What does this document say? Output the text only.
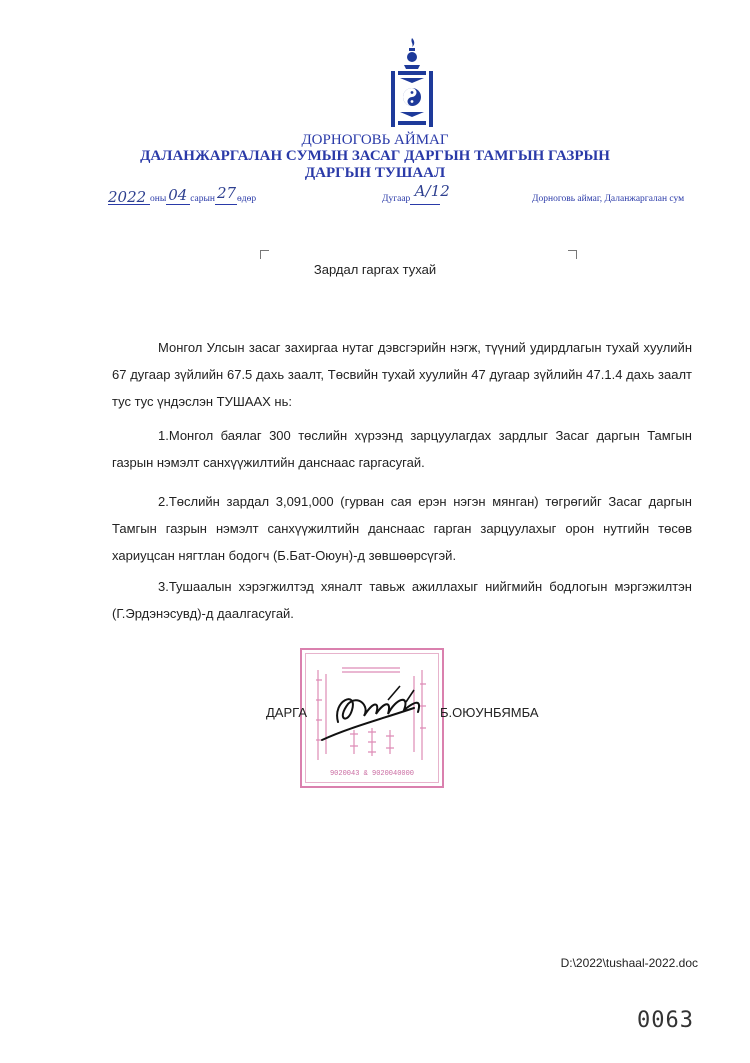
ДОРНОГОВЬ АЙМАГ
ДАЛАНЖАРГАЛАН СУМЫН ЗАСАГ ДАРГЫН ТАМГЫН ГАЗРЫН
ДАРГЫН ТУШААЛ
2022 оны 04 сарын 27 өдөр	Дугаар А/12
	Дорноговь аймаг, Даланжаргалан сум
Зардал гаргах тухай
Монгол Улсын засаг захиргаа нутаг дэвсгэрийн нэгж, түүний удирдлагын тухай хуулийн 67 дугаар зүйлийн 67.5 дахь заалт, Төсвийн тухай хуулийн 47 дугаар зүйлийн 47.1.4 дахь заалт тус тус үндэслэн ТУШААХ нь:
1.Монгол баялаг 300 төслийн хүрээнд зарцуулагдах зардлыг Засаг даргын Тамгын газрын нэмэлт санхүүжилтийн данснаас гаргасугай.
2.Төслийн зардал 3,091,000 (гурван сая ерэн нэгэн мянган) төгрөгийг Засаг даргын Тамгын газрын нэмэлт санхүүжилтийн данснаас гарган зарцуулахыг орон нутгийн төсөв хариуцсан нягтлан бодогч (Б.Бат-Оюун)-д зөвшөөрсүгэй.
3.Тушаалын хэрэгжилтэд хяналт тавьж ажиллахыг нийгмийн бодлогын мэргэжилтэн (Г.Эрдэнэсувд)-д даалгасугай.
9020043 & 9020040000
ДАРГА	Б.ОЮУНБЯМБА
D:\2022\tushaal-2022.doc
0063
